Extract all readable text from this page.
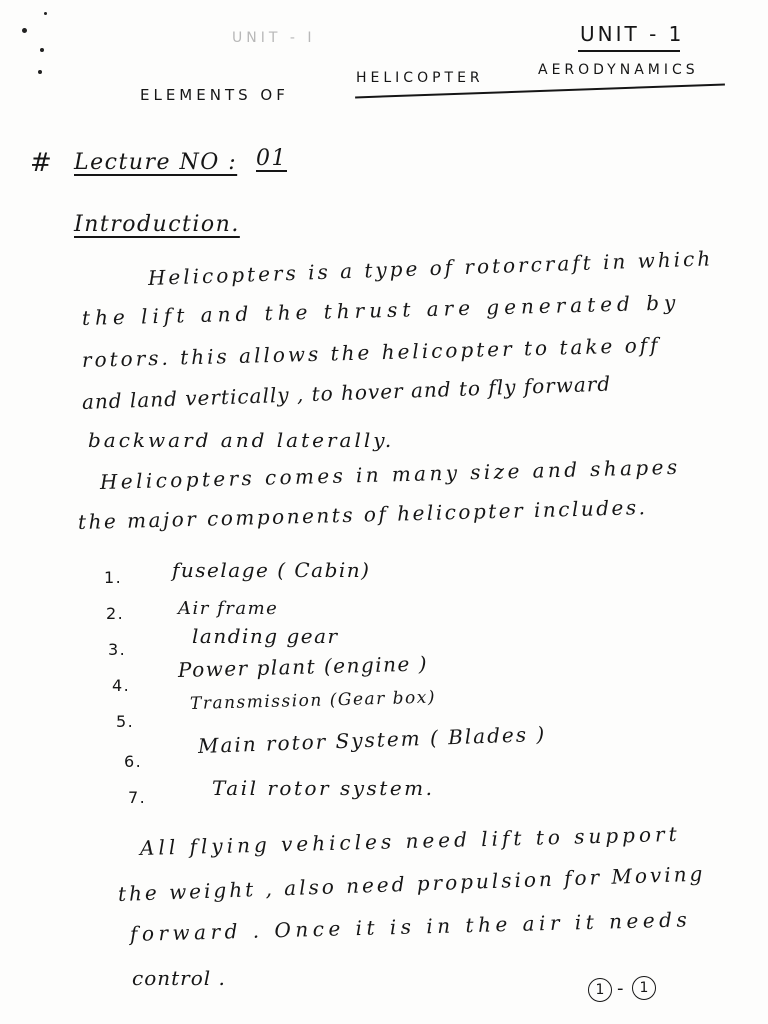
UNIT - I	UNIT - 1
ELEMENTS OF
HELICOPTER	AERODYNAMICS
# Lecture NO : 01
Introduction.
Helicopters is a type of rotorcraft in which
the lift and the thrust are generated by
rotors. this allows the helicopter to take off
and land vertically , to hover and to fly forward
backward and laterally.
Helicopters comes in many size and shapes
the major components of helicopter includes.
1. fuselage ( Cabin)
2.	Air frame
3.
landing gear
4.
Power plant (engine )
5.
Transmission (Gear box)
6.
Main rotor System ( Blades )
7.	Tail rotor system.
All flying vehicles need lift to support
the weight , also need propulsion for Moving
forward . Once it is in the air it needs
control .	1 -	1
